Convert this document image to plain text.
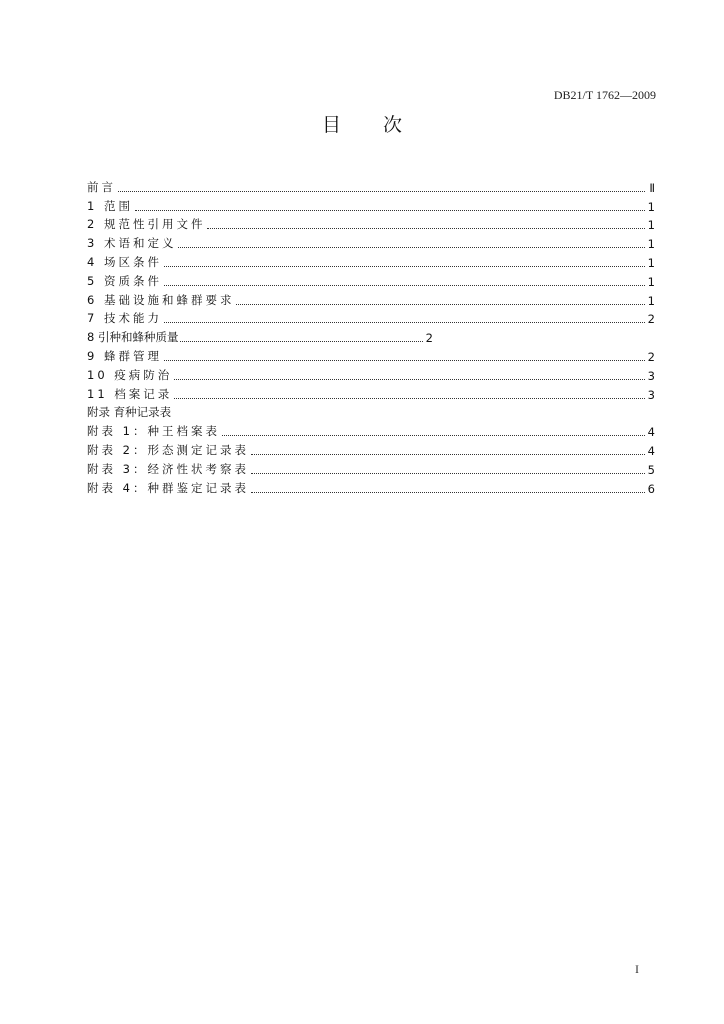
DB21/T 1762—2009
目 次
前言	Ⅱ
1 范围	1
2 规范性引用文件	1
3 术语和定义	1
4 场区条件	1
5 资质条件	1
6 基础设施和蜂群要求	1
7 技术能力	2
8 引种和蜂种质量	2
9 蜂群管理	2
10 疫病防治	3
11 档案记录	3
附录 育种记录表
附表 1：种王档案表	4
附表 2：形态测定记录表	4
附表 3：经济性状考察表	5
附表 4：种群鉴定记录表	6
I
